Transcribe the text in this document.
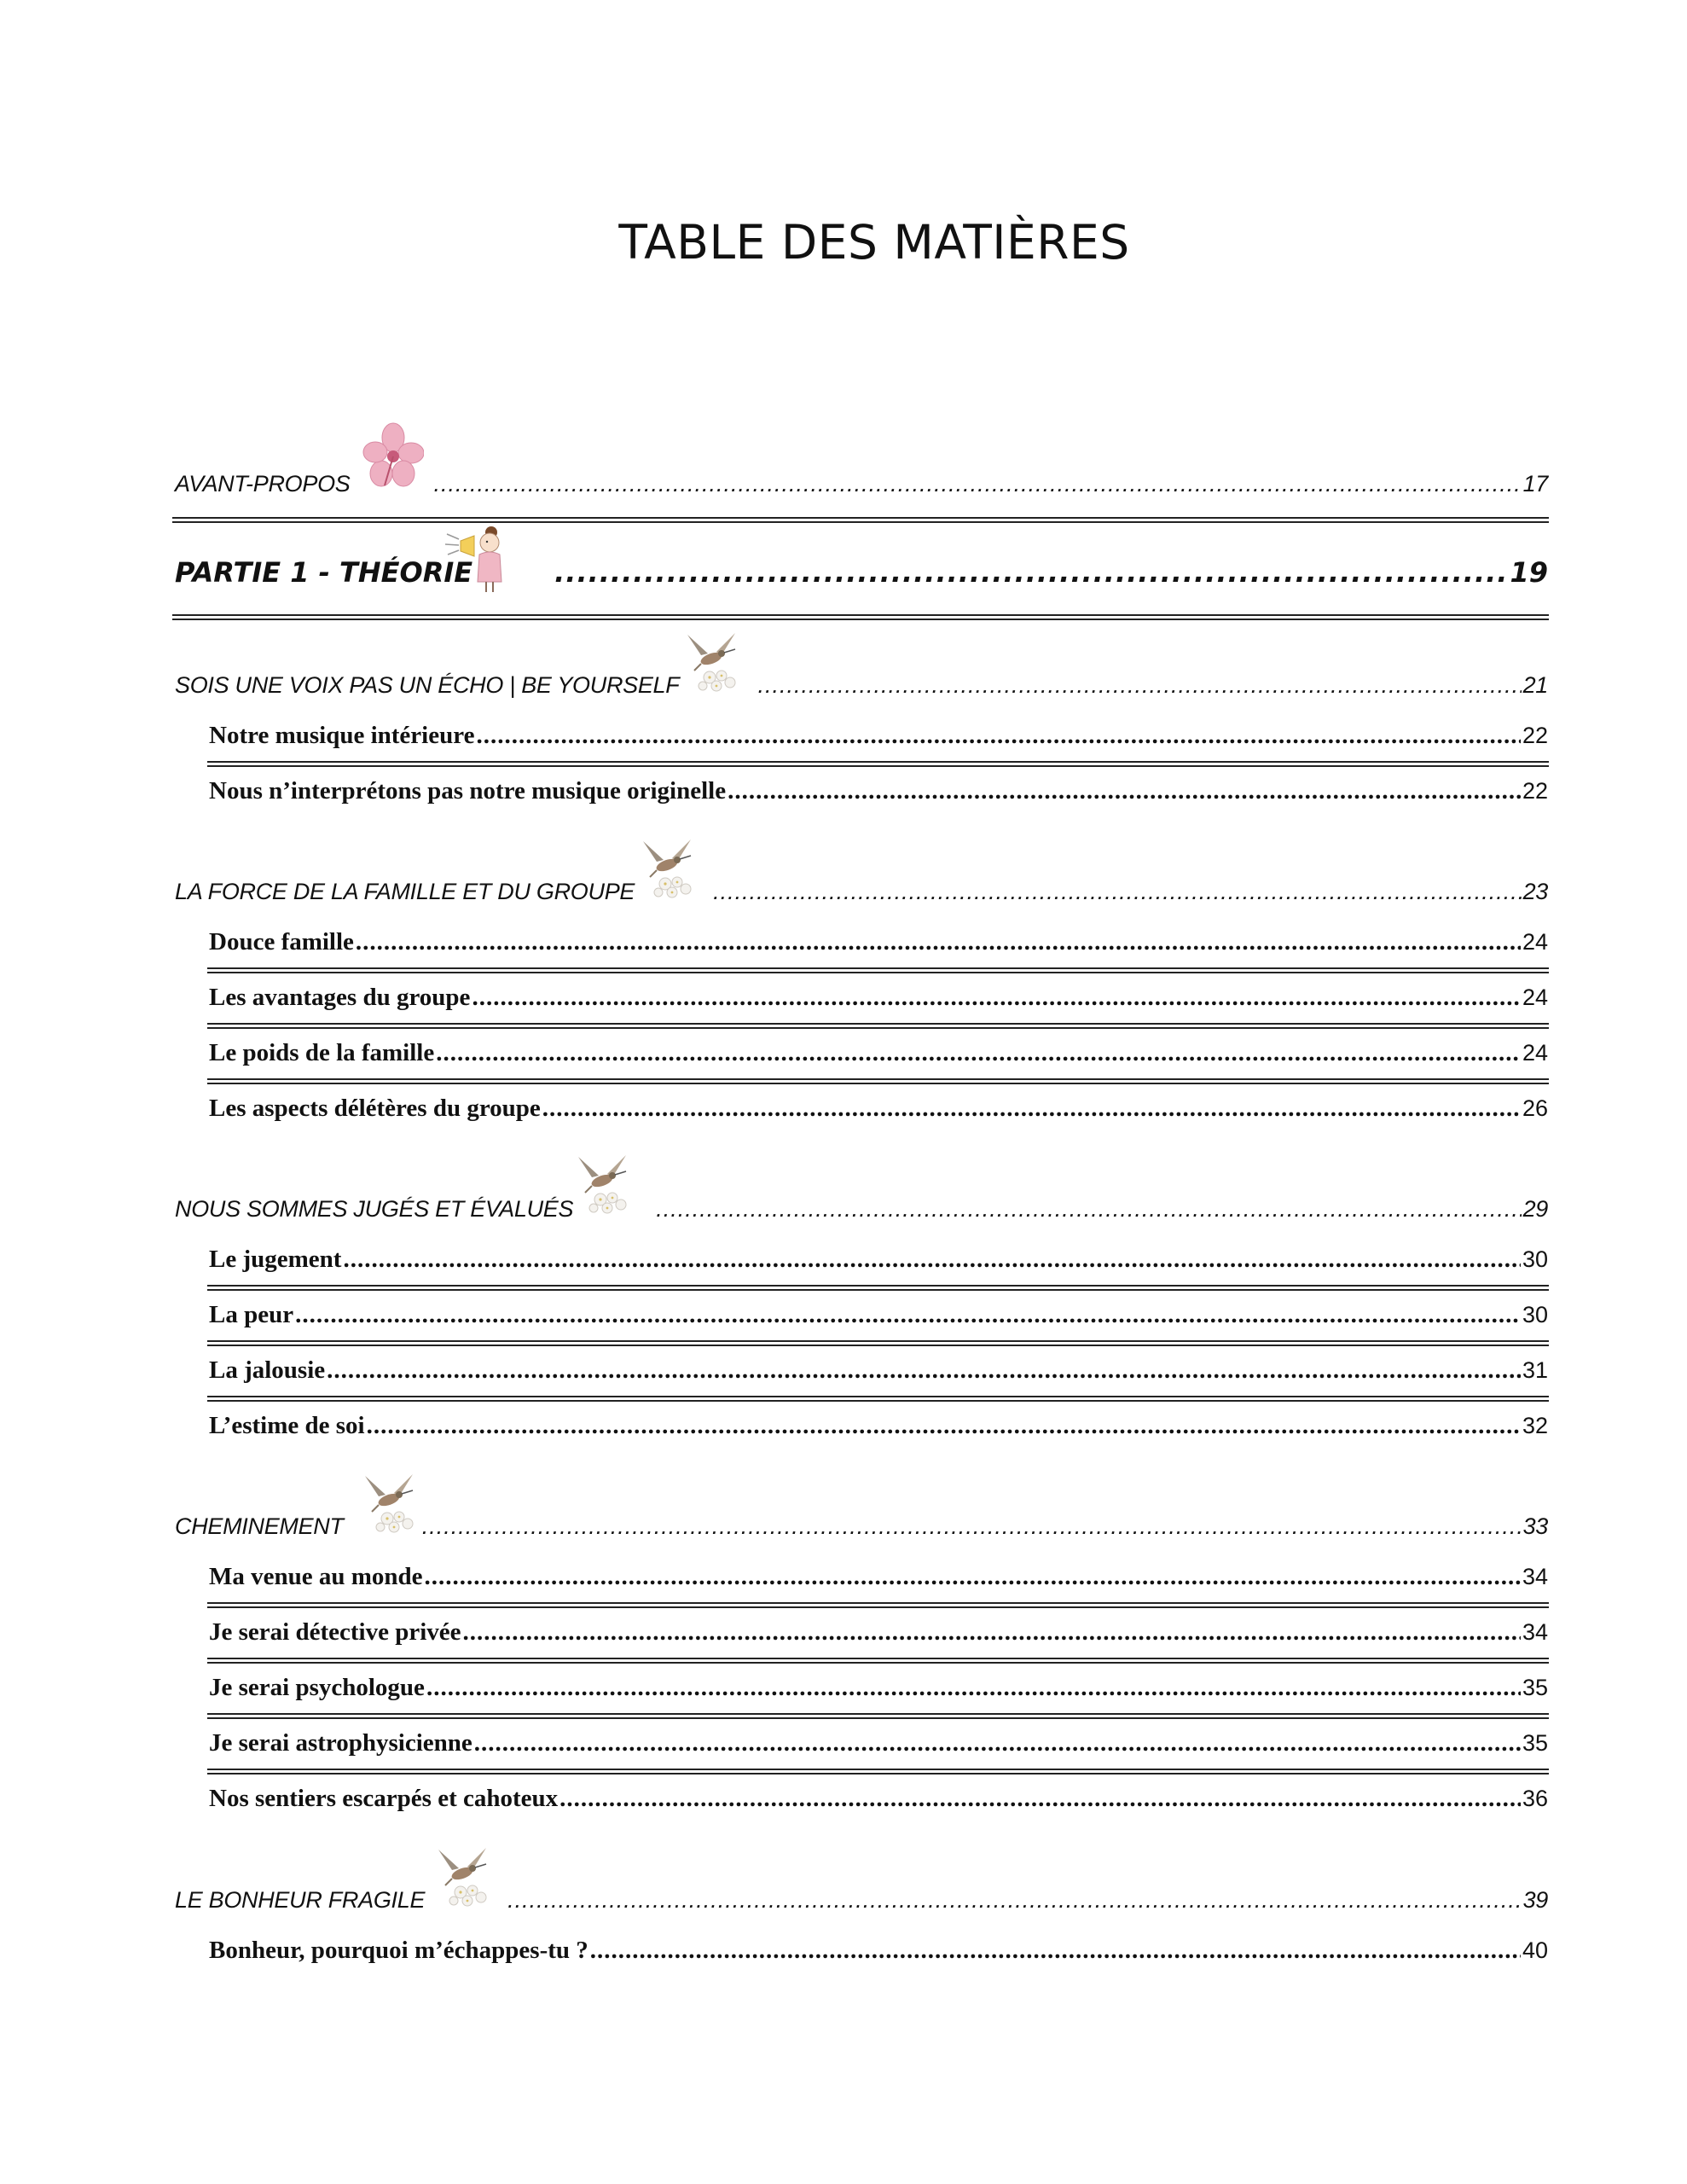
TABLE DES MATIÈRES
AVANT-PROPOS .....	17
PARTIE 1 - THÉORIE .....	19
SOIS UNE VOIX PAS UN ÉCHO | BE YOURSELF .....	21
Notre musique intérieure .....	22
Nous n’interprétons pas notre musique originelle .....	22
LA FORCE DE LA FAMILLE ET DU GROUPE .....	23
Douce famille .....	24
Les avantages du groupe .....	24
Le poids de la famille .....	24
Les aspects délétères du groupe .....	26
NOUS SOMMES JUGÉS ET ÉVALUÉS .....	29
Le jugement .....	30
La peur .....	30
La jalousie .....	31
L’estime de soi .....	32
CHEMINEMENT .....	33
Ma venue au monde .....	34
Je serai détective privée .....	34
Je serai psychologue .....	35
Je serai astrophysicienne .....	35
Nos sentiers escarpés et cahoteux .....	36
LE BONHEUR FRAGILE .....	39
Bonheur, pourquoi m’échappes-tu ? .....	40
